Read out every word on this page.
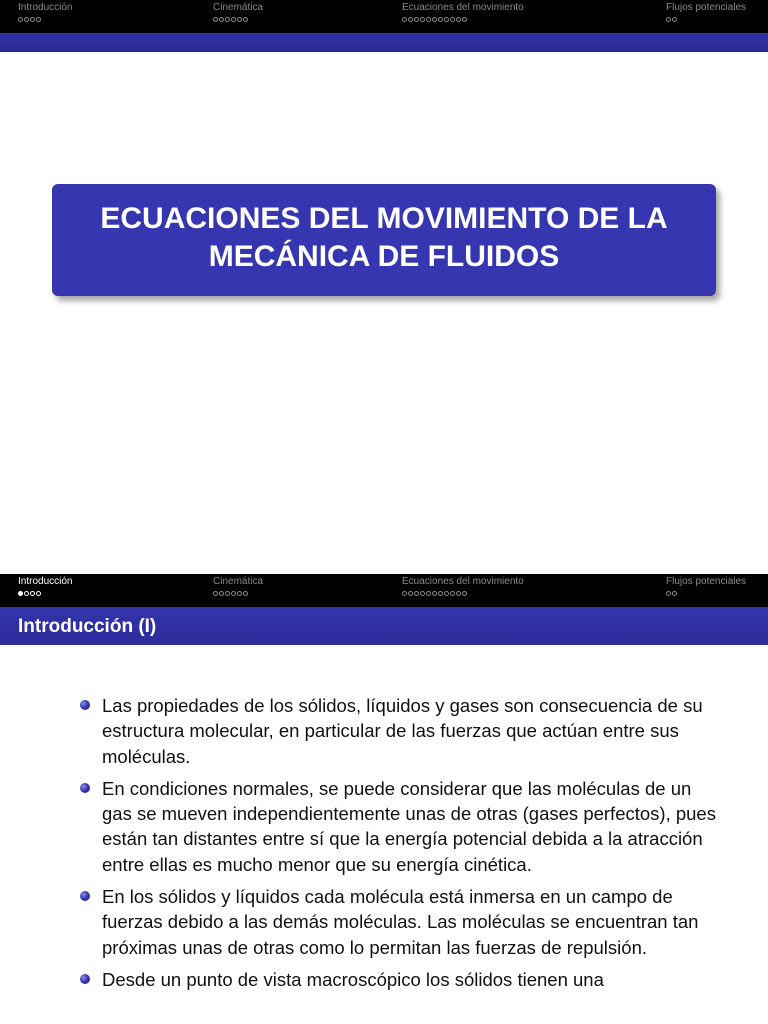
Introducción	Cinemática	Ecuaciones del movimiento	Flujos potenciales
ECUACIONES DEL MOVIMIENTO DE LA
MECÁNICA DE FLUIDOS
Introducción	Cinemática	Ecuaciones del movimiento	Flujos potenciales
Introducción (I)
Las propiedades de los sólidos, líquidos y gases son consecuencia de su estructura molecular, en particular de las fuerzas que actúan entre sus moléculas.
En condiciones normales, se puede considerar que las moléculas de un gas se mueven independientemente unas de otras (gases perfectos), pues están tan distantes entre sí que la energía potencial debida a la atracción entre ellas es mucho menor que su energía cinética.
En los sólidos y líquidos cada molécula está inmersa en un campo de fuerzas debido a las demás moléculas. Las moléculas se encuentran tan próximas unas de otras como lo permitan las fuerzas de repulsión.
Desde un punto de vista macroscópico los sólidos tienen una
